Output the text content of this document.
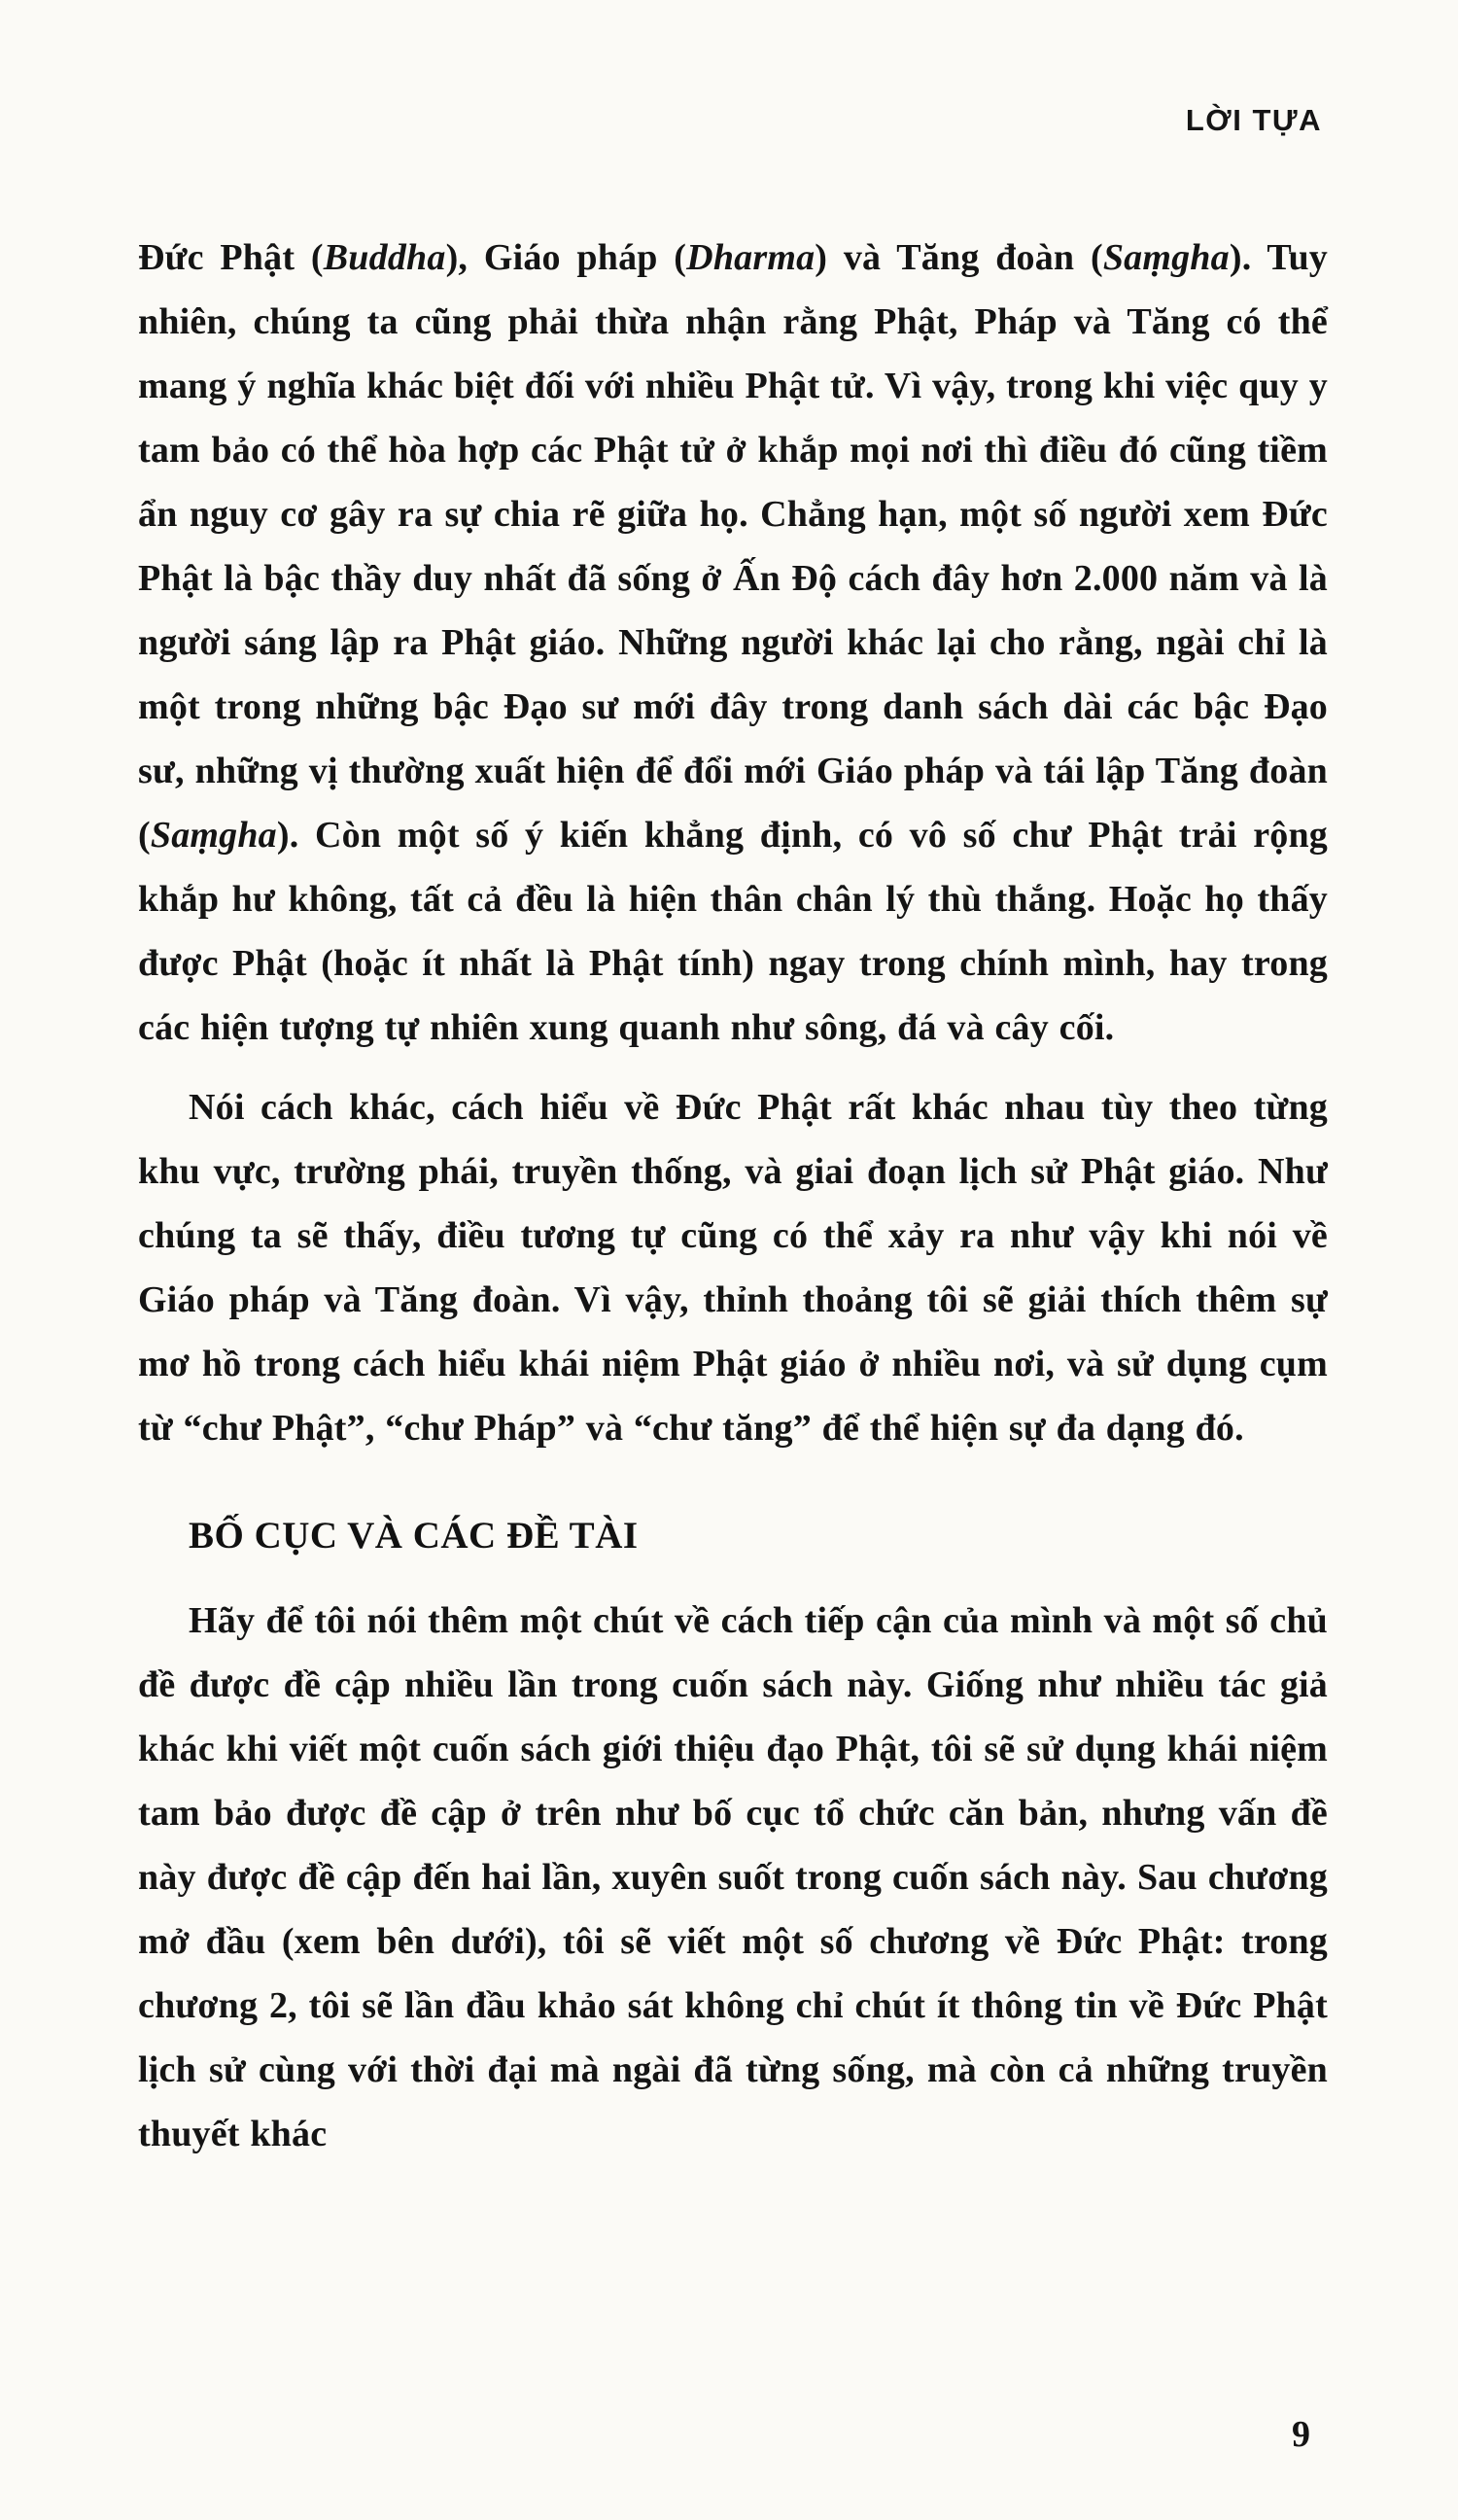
LỜI TỰA

Đức Phật (Buddha), Giáo pháp (Dharma) và Tăng đoàn (Saṃgha). Tuy nhiên, chúng ta cũng phải thừa nhận rằng Phật, Pháp và Tăng có thể mang ý nghĩa khác biệt đối với nhiều Phật tử. Vì vậy, trong khi việc quy y tam bảo có thể hòa hợp các Phật tử ở khắp mọi nơi thì điều đó cũng tiềm ẩn nguy cơ gây ra sự chia rẽ giữa họ. Chẳng hạn, một số người xem Đức Phật là bậc thầy duy nhất đã sống ở Ấn Độ cách đây hơn 2.000 năm và là người sáng lập ra Phật giáo. Những người khác lại cho rằng, ngài chỉ là một trong những bậc Đạo sư mới đây trong danh sách dài các bậc Đạo sư, những vị thường xuất hiện để đổi mới Giáo pháp và tái lập Tăng đoàn (Saṃgha). Còn một số ý kiến khẳng định, có vô số chư Phật trải rộng khắp hư không, tất cả đều là hiện thân chân lý thù thắng. Hoặc họ thấy được Phật (hoặc ít nhất là Phật tính) ngay trong chính mình, hay trong các hiện tượng tự nhiên xung quanh như sông, đá và cây cối.

Nói cách khác, cách hiểu về Đức Phật rất khác nhau tùy theo từng khu vực, trường phái, truyền thống, và giai đoạn lịch sử Phật giáo. Như chúng ta sẽ thấy, điều tương tự cũng có thể xảy ra như vậy khi nói về Giáo pháp và Tăng đoàn. Vì vậy, thỉnh thoảng tôi sẽ giải thích thêm sự mơ hồ trong cách hiểu khái niệm Phật giáo ở nhiều nơi, và sử dụng cụm từ “chư Phật”, “chư Pháp” và “chư tăng” để thể hiện sự đa dạng đó.

BỐ CỤC VÀ CÁC ĐỀ TÀI

Hãy để tôi nói thêm một chút về cách tiếp cận của mình và một số chủ đề được đề cập nhiều lần trong cuốn sách này. Giống như nhiều tác giả khác khi viết một cuốn sách giới thiệu đạo Phật, tôi sẽ sử dụng khái niệm tam bảo được đề cập ở trên như bố cục tổ chức căn bản, nhưng vấn đề này được đề cập đến hai lần, xuyên suốt trong cuốn sách này. Sau chương mở đầu (xem bên dưới), tôi sẽ viết một số chương về Đức Phật: trong chương 2, tôi sẽ lần đầu khảo sát không chỉ chút ít thông tin về Đức Phật lịch sử cùng với thời đại mà ngài đã từng sống, mà còn cả những truyền thuyết khác

9
